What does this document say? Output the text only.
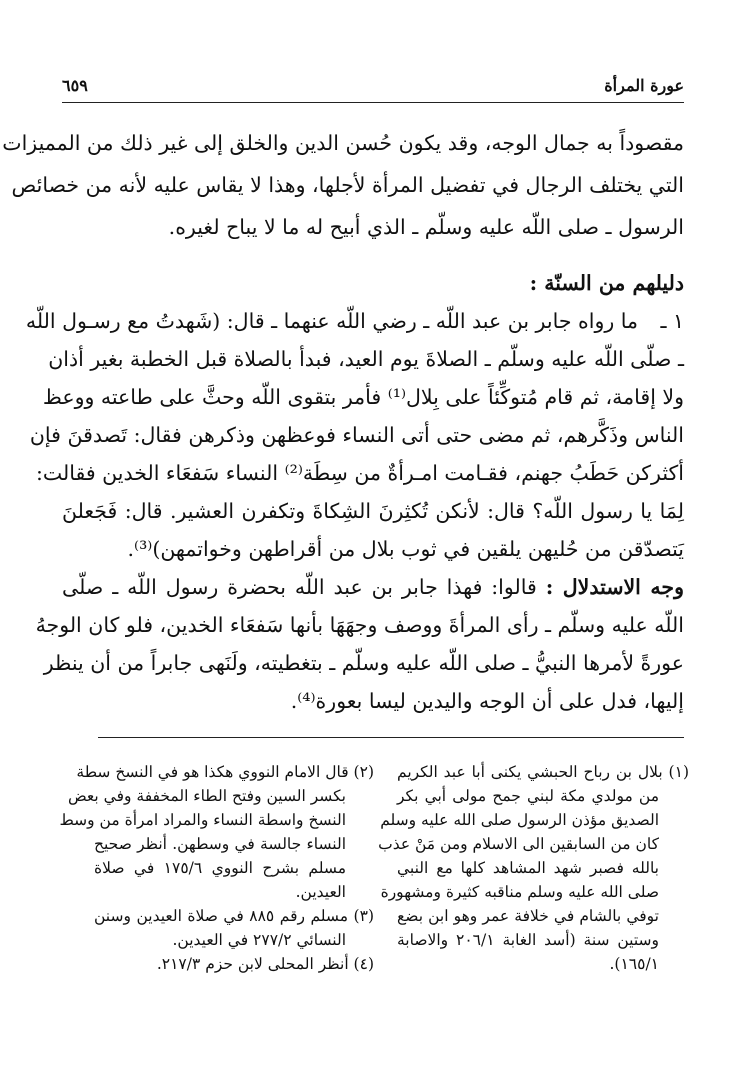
عورة المرأة
٦٥٩
مقصوداً به جمال الوجه، وقد يكون حُسن الدين والخلق إلى غير ذلك من المميزات
التي يختلف الرجال في تفضيل المرأة لأجلها، وهذا لا يقاس عليه لأنه من خصائص
الرسول ـ صلى اللّه عليه وسلّم ـ الذي أبيح له ما لا يباح لغيره.
دليلهم من السنّة :
١ ـ
ما رواه جابر بن عبد اللّه ـ رضي اللّه عنهما ـ قال: (شَهدتُ مع رسـول اللّه
ـ صلّى اللّه عليه وسلّم ـ الصلاةَ يوم العيد، فبدأ بالصلاة قبل الخطبة بغير أذان
ولا إقامة، ثم قام مُتوكِّئاً على بِلال⁽¹⁾ فأمر بتقوى اللّه وحثَّ على طاعته ووعظ
الناس وذَكَّرهم، ثم مضى حتى أتى النساء فوعظهن وذكرهن فقال: تَصدقنَ فإن
أكثركن حَطَبُ جهنم، فقـامت امـرأةٌ من سِطَة⁽²⁾ النساء سَفعَاء الخدين فقالت:
لِمَا يا رسول اللّه؟ قال: لأنكن تُكثِرنَ الشِكاةَ وتكفرن العشير. قال: فَجَعلنَ
يَتصدّقن من حُليهن يلقين في ثوب بلال من أقراطهن وخواتمهن)⁽³⁾.
وجه الاستدلال : قالوا: فهذا جابر بن عبد اللّه بحضرة رسول اللّه ـ صلّى
اللّه عليه وسلّم ـ رأى المرأةَ ووصف وجهَهَا بأنها سَفعَاء الخدين، فلو كان الوجهُ
عورةً لأمرها النبيُّ ـ صلى اللّه عليه وسلّم ـ بتغطيته، ولَنَهى جابراً من أن ينظر
إليها، فدل على أن الوجه واليدين ليسا بعورة⁽⁴⁾.
(١) بلال بن رباح الحبشي يكنى أبا عبد الكريم
من مولدي مكة لبني جمح مولى أبي بكر
الصديق مؤذن الرسول صلى الله عليه وسلم
كان من السابقين الى الاسلام ومن مَنْ عذب
بالله فصبر شهد المشاهد كلها مع النبي
صلى الله عليه وسلم مناقبه كثيرة ومشهورة
توفي بالشام في خلافة عمر وهو ابن بضع
وستين سنة (أسد الغابة ٢٠٦/١ والاصابة
١٦٥/١).
(٢) قال الامام النووي هكذا هو في النسخ سطة
بكسر السين وفتح الطاء المخففة وفي بعض
النسخ واسطة النساء والمراد امرأة من وسط
النساء جالسة في وسطهن. أنظر صحيح
مسلم بشرح النووي ١٧٥/٦ في صلاة
العيدين.
(٣) مسلم رقم ٨٨٥ في صلاة العيدين وسنن
النسائي ٢٧٧/٢ في العيدين.
(٤) أنظر المحلى لابن حزم ٢١٧/٣.
